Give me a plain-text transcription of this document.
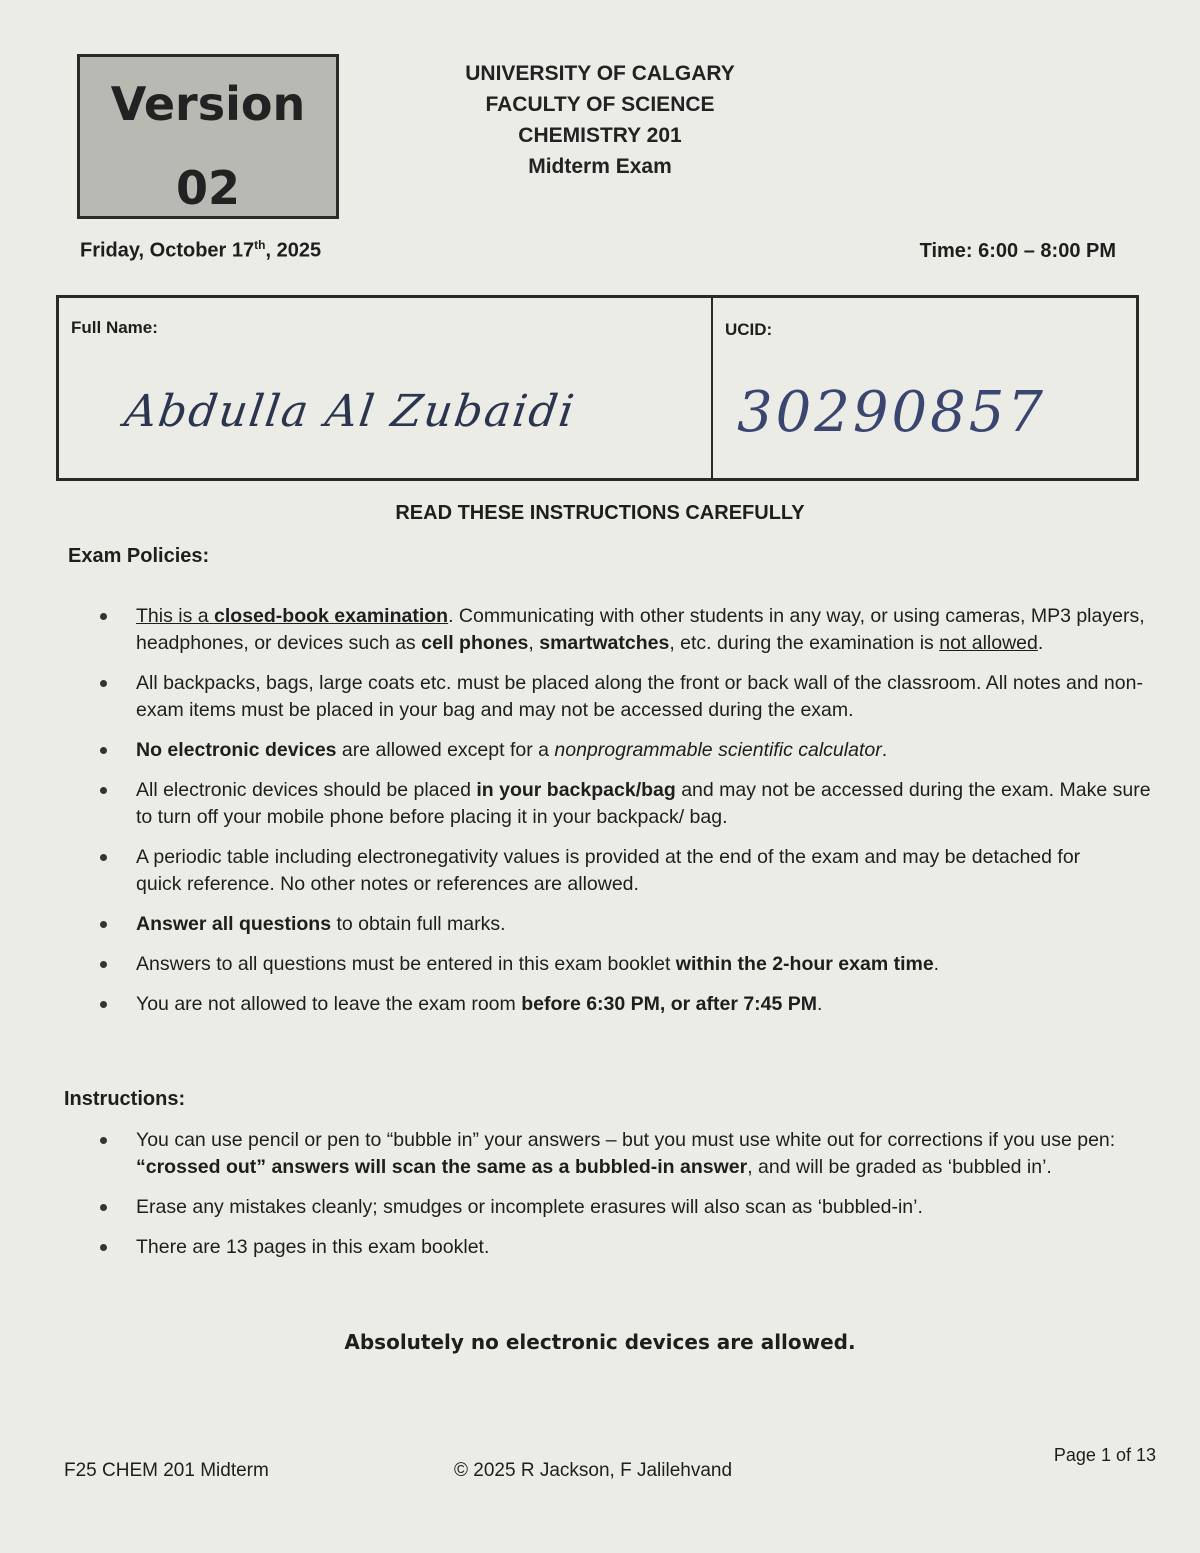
Version
02
UNIVERSITY OF CALGARY
FACULTY OF SCIENCE
CHEMISTRY 201
Midterm Exam
Friday, October 17th, 2025	Time: 6:00 – 8:00 PM
Full Name:
Abdulla Al Zubaidi
UCID:
30290857
READ THESE INSTRUCTIONS CAREFULLY
Exam Policies:
This is a closed-book examination. Communicating with other students in any way, or using cameras, MP3 players, headphones, or devices such as cell phones, smartwatches, etc. during the examination is not allowed.
All backpacks, bags, large coats etc. must be placed along the front or back wall of the classroom. All notes and non-exam items must be placed in your bag and may not be accessed during the exam.
No electronic devices are allowed except for a nonprogrammable scientific calculator.
All electronic devices should be placed in your backpack/bag and may not be accessed during the exam. Make sure to turn off your mobile phone before placing it in your backpack/ bag.
A periodic table including electronegativity values is provided at the end of the exam and may be detached for quick reference. No other notes or references are allowed.
Answer all questions to obtain full marks.
Answers to all questions must be entered in this exam booklet within the 2-hour exam time.
You are not allowed to leave the exam room before 6:30 PM, or after 7:45 PM.
Instructions:
You can use pencil or pen to “bubble in” your answers – but you must use white out for corrections if you use pen: “crossed out” answers will scan the same as a bubbled-in answer, and will be graded as ‘bubbled in’.
Erase any mistakes cleanly; smudges or incomplete erasures will also scan as ‘bubbled-in’.
There are 13 pages in this exam booklet.
Absolutely no electronic devices are allowed.
F25 CHEM 201 Midterm	© 2025 R Jackson, F Jalilehvand
Page 1 of 13
